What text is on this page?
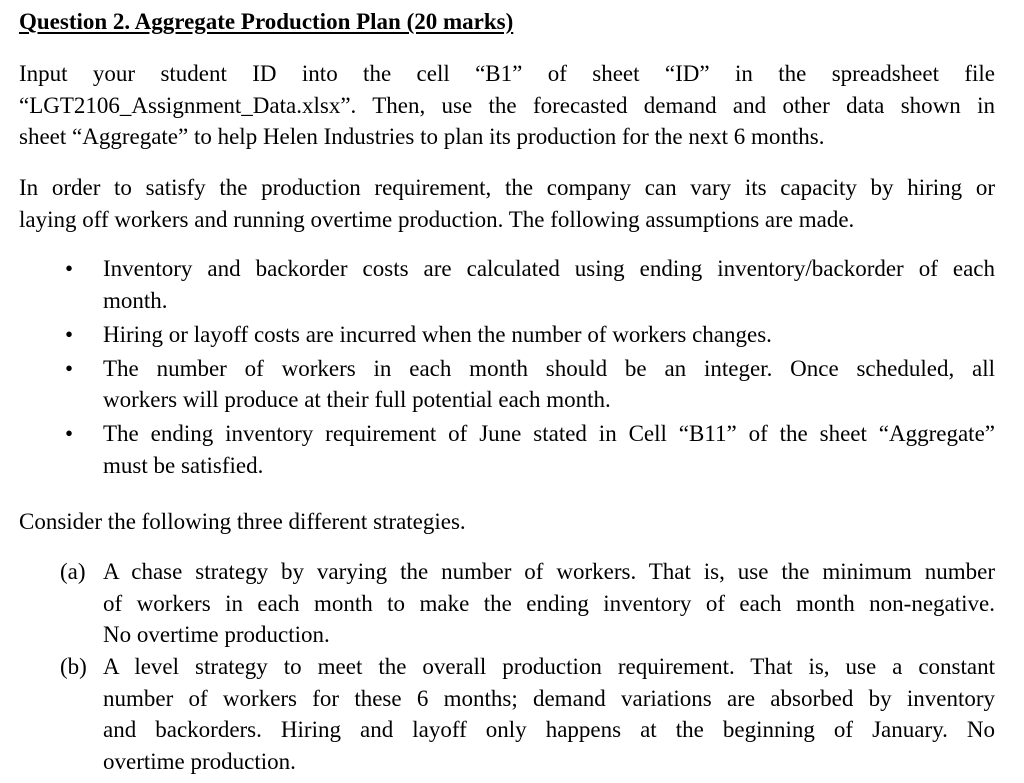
Question 2. Aggregate Production Plan (20 marks)

Input your student ID into the cell “B1” of sheet “ID” in the spreadsheet file
“LGT2106_Assignment_Data.xlsx”. Then, use the forecasted demand and other data shown in
sheet “Aggregate” to help Helen Industries to plan its production for the next 6 months.

In order to satisfy the production requirement, the company can vary its capacity by hiring or
laying off workers and running overtime production. The following assumptions are made.

• Inventory and backorder costs are calculated using ending inventory/backorder of each
month.
• Hiring or layoff costs are incurred when the number of workers changes.
• The number of workers in each month should be an integer. Once scheduled, all
workers will produce at their full potential each month.
• The ending inventory requirement of June stated in Cell “B11” of the sheet “Aggregate”
must be satisfied.

Consider the following three different strategies.

(a) A chase strategy by varying the number of workers. That is, use the minimum number
of workers in each month to make the ending inventory of each month non-negative.
No overtime production.
(b) A level strategy to meet the overall production requirement. That is, use a constant
number of workers for these 6 months; demand variations are absorbed by inventory
and backorders. Hiring and layoff only happens at the beginning of January. No
overtime production.
